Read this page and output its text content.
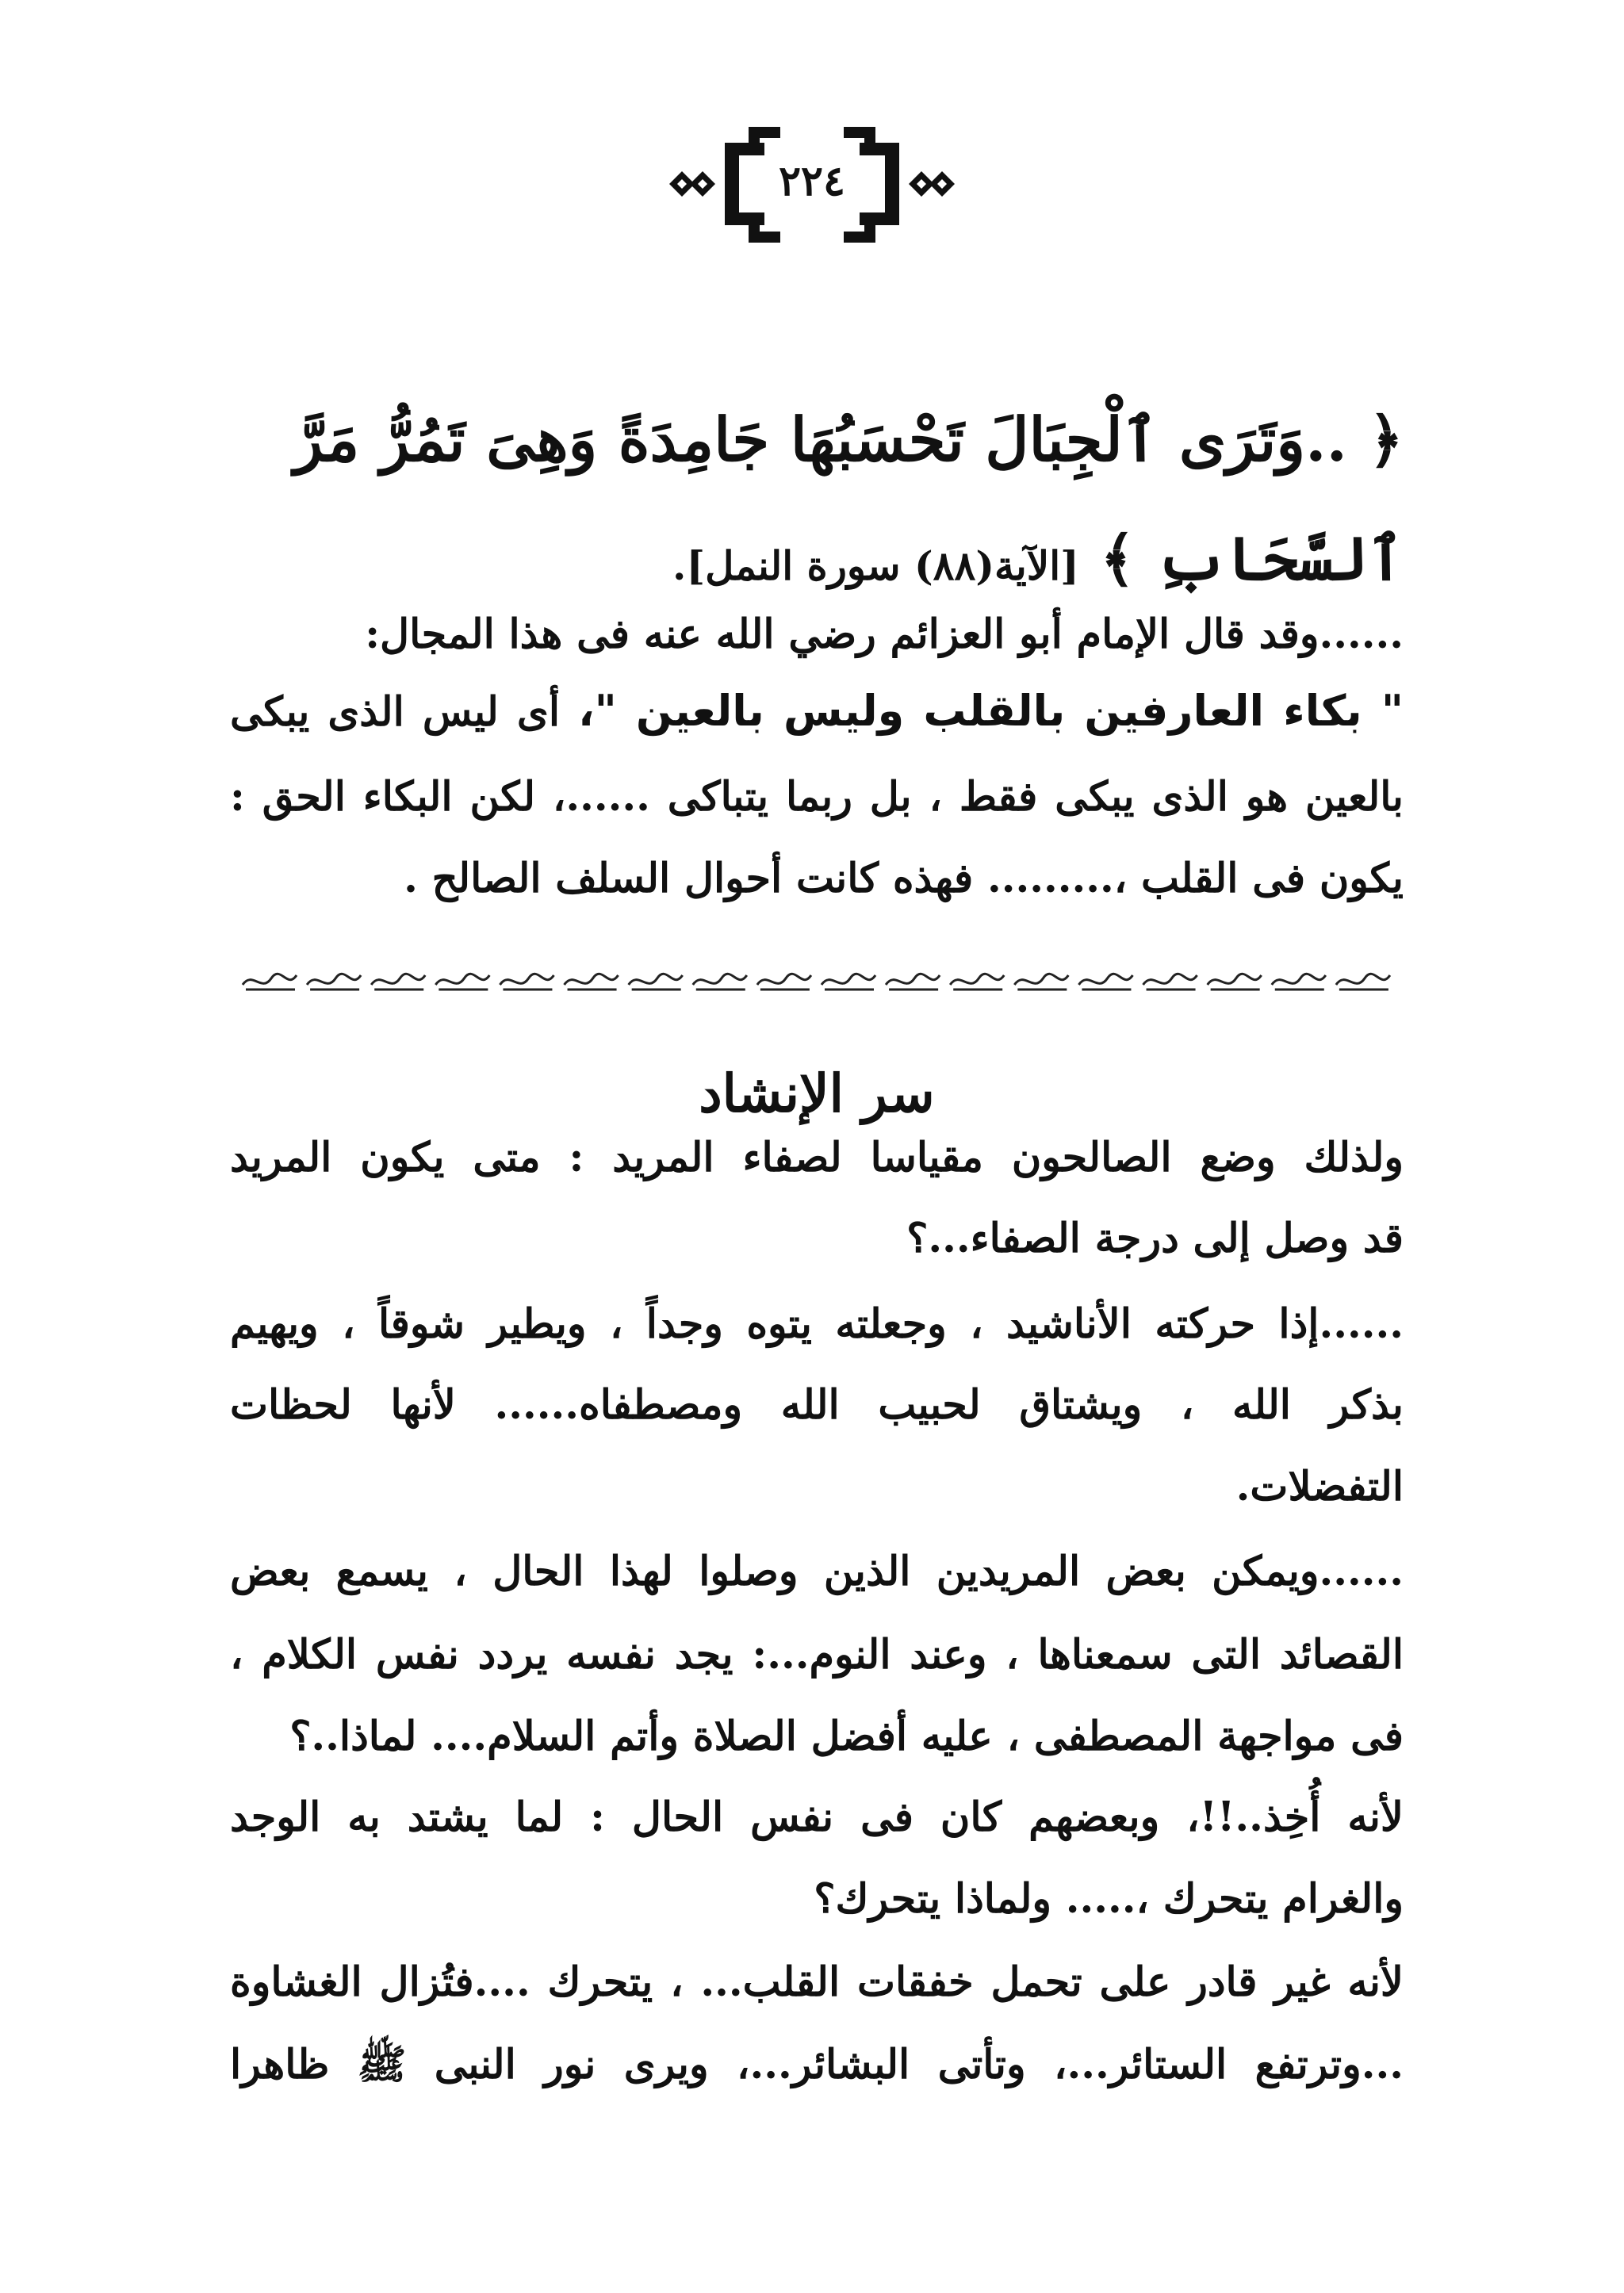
٢٢٤
﴿ ..وَتَرَى ٱلْجِبَالَ تَحْسَبُهَا جَامِدَةً وَهِىَ تَمُرُّ مَرَّ
ٱلسَّحَابِ ﴾ [الآية(٨٨) سورة النمل].
......وقد قال الإمام أبو العزائم رضي الله عنه فى هذا المجال:
" بكاء العارفين بالقلب وليس بالعين "، أى ليس الذى يبكى
بالعين هو الذى يبكى فقط ، بل ربما يتباكى ......، لكن البكاء الحق :
يكون فى القلب ،......... فهذه كانت أحوال السلف الصالح .
سر الإنشاد
ولذلك وضع الصالحون مقياسا لصفاء المريد : متى يكون المريد
قد وصل إلى درجة الصفاء...؟
......إذا حركته الأناشيد ، وجعلته يتوه وجداً ، ويطير شوقاً ، ويهيم
بذكر الله ، ويشتاق لحبيب الله ومصطفاه...... لأنها لحظات
التفضلات.
......ويمكن بعض المريدين الذين وصلوا لهذا الحال ، يسمع بعض
القصائد التى سمعناها ، وعند النوم...: يجد نفسه يردد نفس الكلام ،
فى مواجهة المصطفى ، عليه أفضل الصلاة وأتم السلام.... لماذا..؟
لأنه أُخِذ..!!، وبعضهم كان فى نفس الحال : لما يشتد به الوجد
والغرام يتحرك ،..... ولماذا يتحرك؟
لأنه غير قادر على تحمل خفقات القلب... ، يتحرك ....فتُزال الغشاوة
...وترتفع الستائر...، وتأتى البشائر...، ويرى نور النبى ﷺ ظاهرا
